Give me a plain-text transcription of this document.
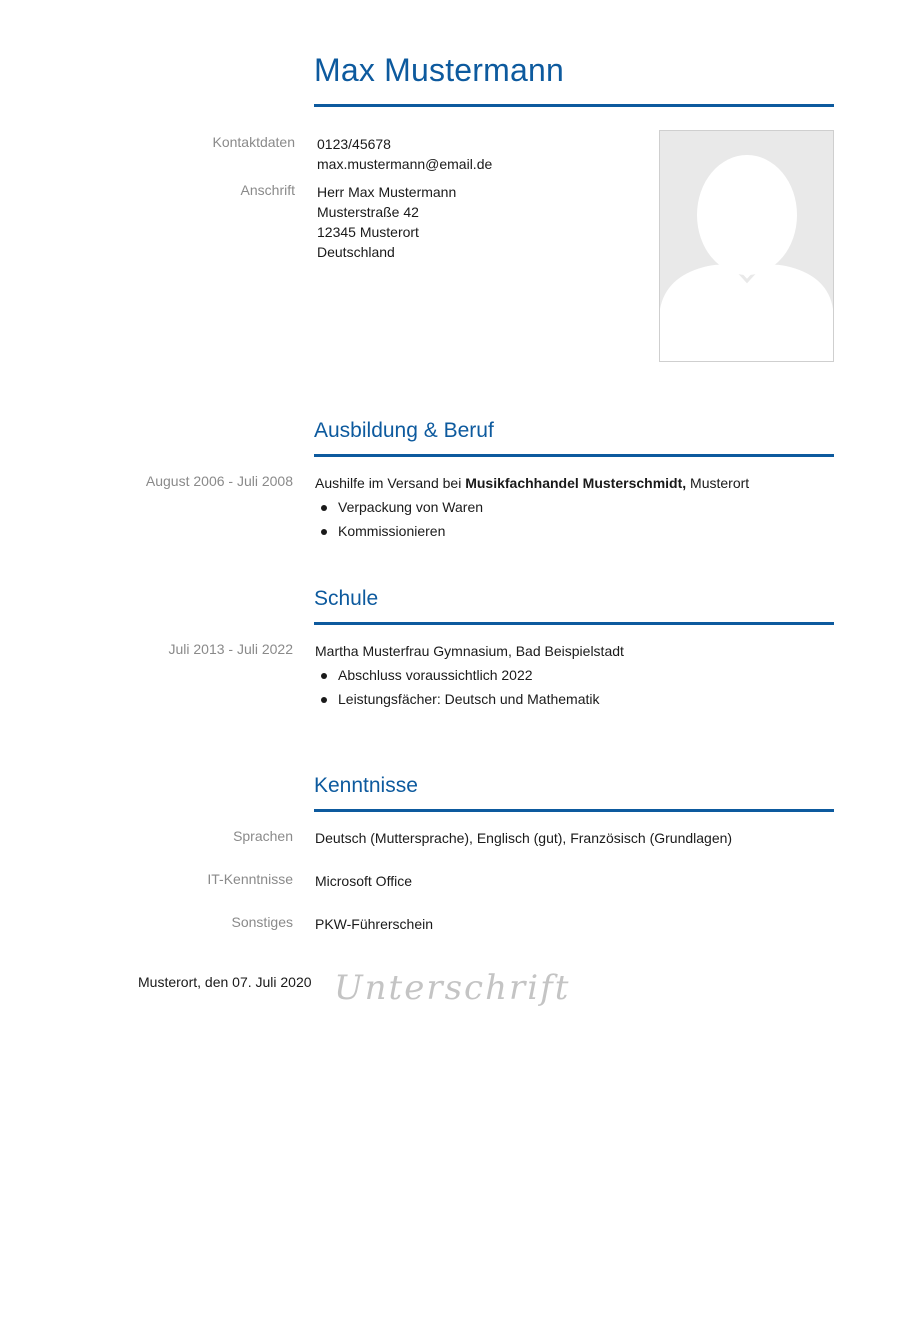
Max Mustermann
Kontaktdaten 0123/45678
max.mustermann@email.de
Anschrift Herr Max Mustermann
Musterstraße 42
12345 Musterort
Deutschland
Ausbildung & Beruf
August 2006 - Juli 2008 Aushilfe im Versand bei Musikfachhandel Musterschmidt, Musterort
Verpackung von Waren
Kommissionieren
Schule
Juli 2013 - Juli 2022 Martha Musterfrau Gymnasium, Bad Beispielstadt
Abschluss voraussichtlich 2022
Leistungsfächer: Deutsch und Mathematik
Kenntnisse
Sprachen Deutsch (Muttersprache), Englisch (gut), Französisch (Grundlagen)
IT-Kenntnisse Microsoft Office
Sonstiges PKW-Führerschein
Musterort, den 07. Juli 2020 Unterschrift
